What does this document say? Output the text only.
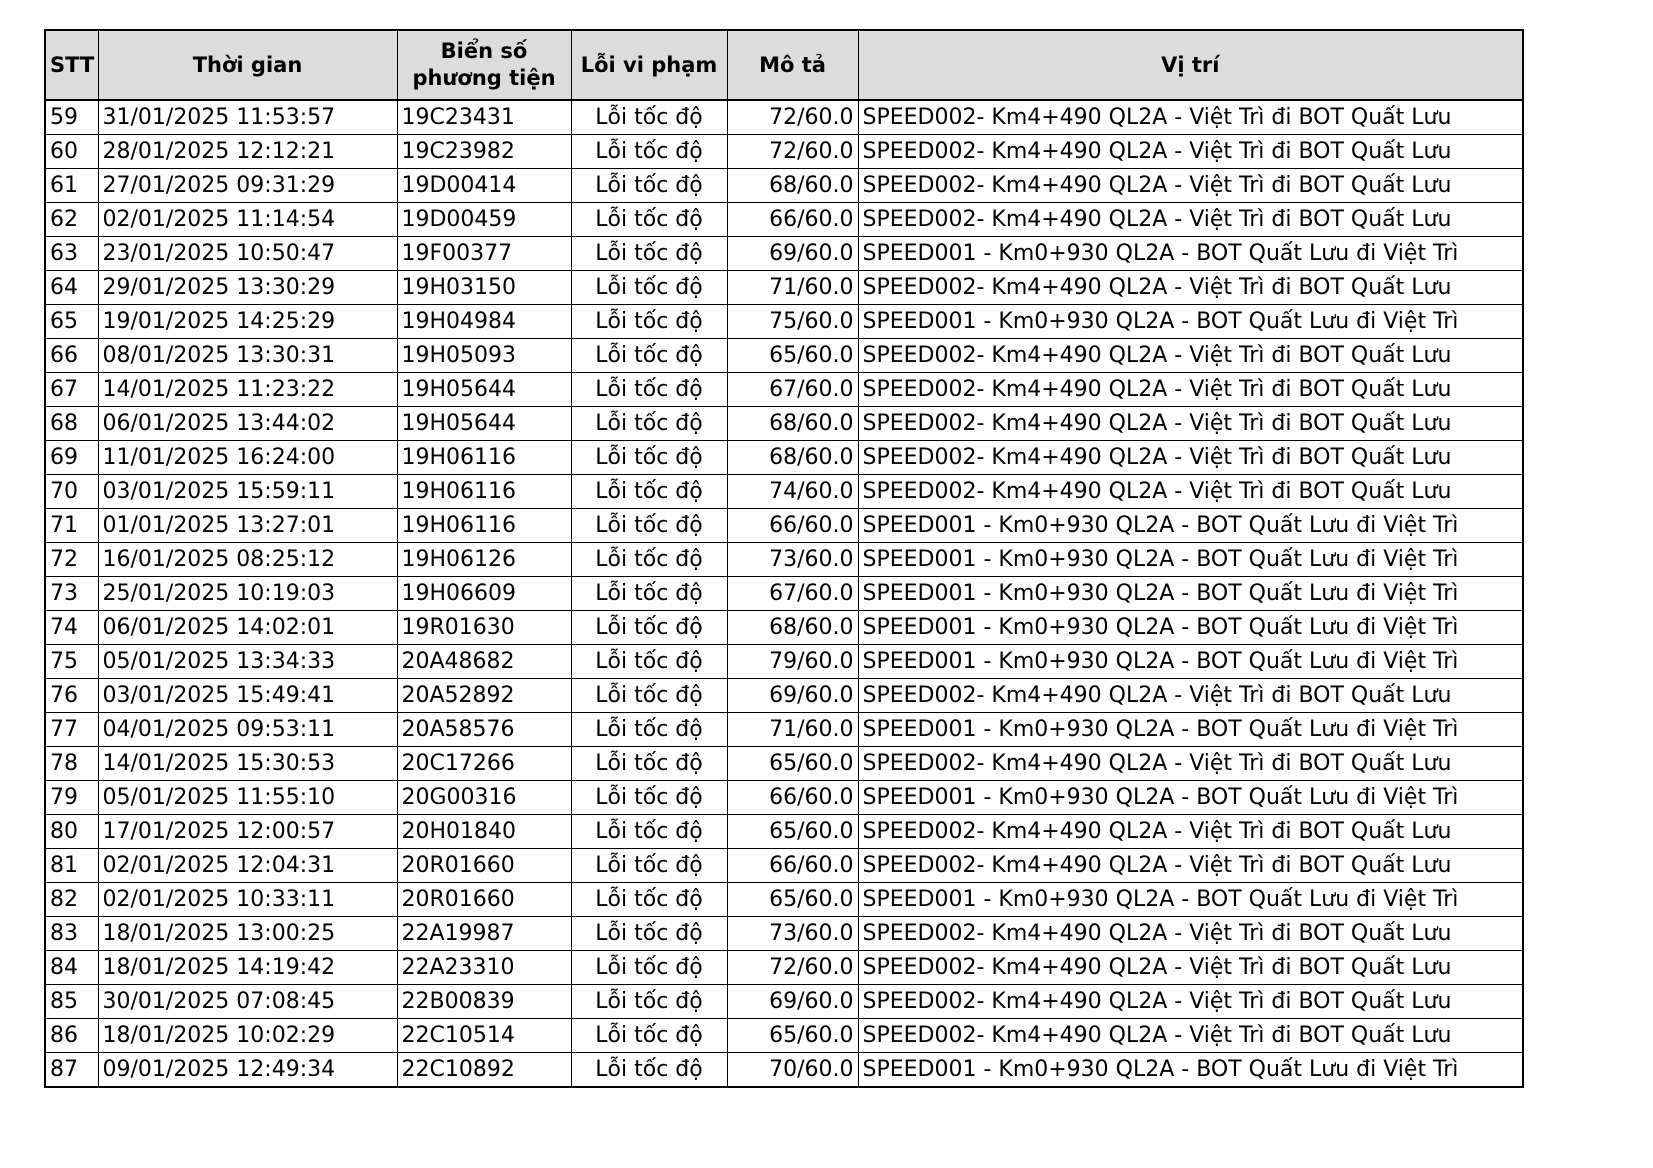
STT	Thời gian	Biển số phương tiện	Lỗi vi phạm	Mô tả	Vị trí
59	31/01/2025 11:53:57	19C23431	Lỗi tốc độ	72/60.0	SPEED002- Km4+490 QL2A - Việt Trì đi BOT Quất Lưu
60	28/01/2025 12:12:21	19C23982	Lỗi tốc độ	72/60.0	SPEED002- Km4+490 QL2A - Việt Trì đi BOT Quất Lưu
61	27/01/2025 09:31:29	19D00414	Lỗi tốc độ	68/60.0	SPEED002- Km4+490 QL2A - Việt Trì đi BOT Quất Lưu
62	02/01/2025 11:14:54	19D00459	Lỗi tốc độ	66/60.0	SPEED002- Km4+490 QL2A - Việt Trì đi BOT Quất Lưu
63	23/01/2025 10:50:47	19F00377	Lỗi tốc độ	69/60.0	SPEED001 - Km0+930 QL2A - BOT Quất Lưu đi Việt Trì
64	29/01/2025 13:30:29	19H03150	Lỗi tốc độ	71/60.0	SPEED002- Km4+490 QL2A - Việt Trì đi BOT Quất Lưu
65	19/01/2025 14:25:29	19H04984	Lỗi tốc độ	75/60.0	SPEED001 - Km0+930 QL2A - BOT Quất Lưu đi Việt Trì
66	08/01/2025 13:30:31	19H05093	Lỗi tốc độ	65/60.0	SPEED002- Km4+490 QL2A - Việt Trì đi BOT Quất Lưu
67	14/01/2025 11:23:22	19H05644	Lỗi tốc độ	67/60.0	SPEED002- Km4+490 QL2A - Việt Trì đi BOT Quất Lưu
68	06/01/2025 13:44:02	19H05644	Lỗi tốc độ	68/60.0	SPEED002- Km4+490 QL2A - Việt Trì đi BOT Quất Lưu
69	11/01/2025 16:24:00	19H06116	Lỗi tốc độ	68/60.0	SPEED002- Km4+490 QL2A - Việt Trì đi BOT Quất Lưu
70	03/01/2025 15:59:11	19H06116	Lỗi tốc độ	74/60.0	SPEED002- Km4+490 QL2A - Việt Trì đi BOT Quất Lưu
71	01/01/2025 13:27:01	19H06116	Lỗi tốc độ	66/60.0	SPEED001 - Km0+930 QL2A - BOT Quất Lưu đi Việt Trì
72	16/01/2025 08:25:12	19H06126	Lỗi tốc độ	73/60.0	SPEED001 - Km0+930 QL2A - BOT Quất Lưu đi Việt Trì
73	25/01/2025 10:19:03	19H06609	Lỗi tốc độ	67/60.0	SPEED001 - Km0+930 QL2A - BOT Quất Lưu đi Việt Trì
74	06/01/2025 14:02:01	19R01630	Lỗi tốc độ	68/60.0	SPEED001 - Km0+930 QL2A - BOT Quất Lưu đi Việt Trì
75	05/01/2025 13:34:33	20A48682	Lỗi tốc độ	79/60.0	SPEED001 - Km0+930 QL2A - BOT Quất Lưu đi Việt Trì
76	03/01/2025 15:49:41	20A52892	Lỗi tốc độ	69/60.0	SPEED002- Km4+490 QL2A - Việt Trì đi BOT Quất Lưu
77	04/01/2025 09:53:11	20A58576	Lỗi tốc độ	71/60.0	SPEED001 - Km0+930 QL2A - BOT Quất Lưu đi Việt Trì
78	14/01/2025 15:30:53	20C17266	Lỗi tốc độ	65/60.0	SPEED002- Km4+490 QL2A - Việt Trì đi BOT Quất Lưu
79	05/01/2025 11:55:10	20G00316	Lỗi tốc độ	66/60.0	SPEED001 - Km0+930 QL2A - BOT Quất Lưu đi Việt Trì
80	17/01/2025 12:00:57	20H01840	Lỗi tốc độ	65/60.0	SPEED002- Km4+490 QL2A - Việt Trì đi BOT Quất Lưu
81	02/01/2025 12:04:31	20R01660	Lỗi tốc độ	66/60.0	SPEED002- Km4+490 QL2A - Việt Trì đi BOT Quất Lưu
82	02/01/2025 10:33:11	20R01660	Lỗi tốc độ	65/60.0	SPEED001 - Km0+930 QL2A - BOT Quất Lưu đi Việt Trì
83	18/01/2025 13:00:25	22A19987	Lỗi tốc độ	73/60.0	SPEED002- Km4+490 QL2A - Việt Trì đi BOT Quất Lưu
84	18/01/2025 14:19:42	22A23310	Lỗi tốc độ	72/60.0	SPEED002- Km4+490 QL2A - Việt Trì đi BOT Quất Lưu
85	30/01/2025 07:08:45	22B00839	Lỗi tốc độ	69/60.0	SPEED002- Km4+490 QL2A - Việt Trì đi BOT Quất Lưu
86	18/01/2025 10:02:29	22C10514	Lỗi tốc độ	65/60.0	SPEED002- Km4+490 QL2A - Việt Trì đi BOT Quất Lưu
87	09/01/2025 12:49:34	22C10892	Lỗi tốc độ	70/60.0	SPEED001 - Km0+930 QL2A - BOT Quất Lưu đi Việt Trì
